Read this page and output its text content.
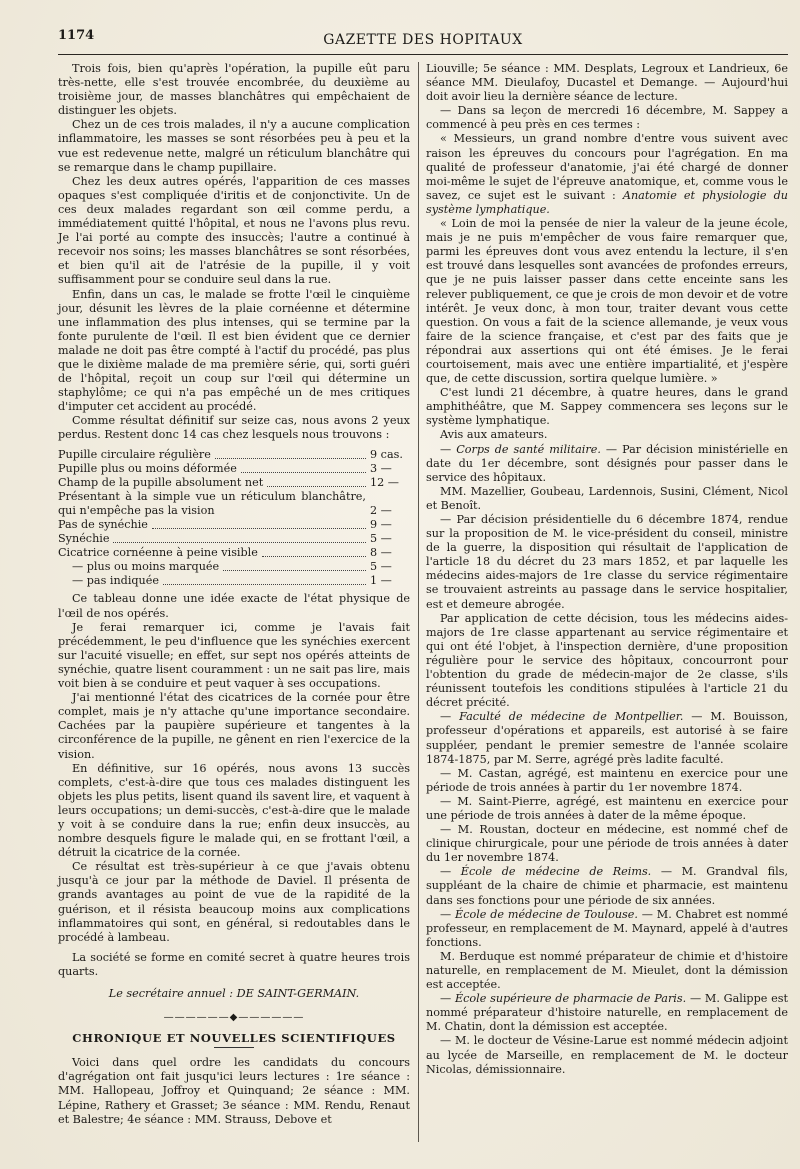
1174	GAZETTE DES HOPITAUX

Trois fois, bien qu'après l'opération, la pupille eût paru très-nette, elle s'est trouvée encombrée, du deuxième au troisième jour, de masses blanchâtres qui empêchaient de distinguer les objets.

Chez un de ces trois malades, il n'y a aucune complication inflammatoire, les masses se sont résorbées peu à peu et la vue est redevenue nette, malgré un réticulum blanchâtre qui se remarque dans le champ pupillaire.

Chez les deux autres opérés, l'apparition de ces masses opaques s'est compliquée d'iritis et de conjonctivite. Un de ces deux malades regardant son œil comme perdu, a immédiatement quitté l'hôpital, et nous ne l'avons plus revu. Je l'ai porté au compte des insuccès; l'autre a continué à recevoir nos soins; les masses blanchâtres se sont résorbées, et bien qu'il ait de l'atrésie de la pupille, il y voit suffisamment pour se conduire seul dans la rue.

Enfin, dans un cas, le malade se frotte l'œil le cinquième jour, désunit les lèvres de la plaie cornéenne et détermine une inflammation des plus intenses, qui se termine par la fonte purulente de l'œil. Il est bien évident que ce dernier malade ne doit pas être compté à l'actif du procédé, pas plus que le dixième malade de ma première série, qui, sorti guéri de l'hôpital, reçoit un coup sur l'œil qui détermine un staphylôme; ce qui n'a pas empêché un de mes critiques d'imputer cet accident au procédé.

Comme résultat définitif sur seize cas, nous avons 2 yeux perdus. Restent donc 14 cas chez lesquels nous trouvons :

Pupille circulaire régulière	9 cas.
Pupille plus ou moins déformée	3 —
Champ de la pupille absolument net	12 —
Présentant à la simple vue un réticulum blanchâtre, qui n'empêche pas la vision	2 —
Pas de synéchie	9 —
Synéchie	5 —
Cicatrice cornéenne à peine visible	8 —
— plus ou moins marquée	5 —
— pas indiquée	1 —

Ce tableau donne une idée exacte de l'état physique de l'œil de nos opérés.

Je ferai remarquer ici, comme je l'avais fait précédemment, le peu d'influence que les synéchies exercent sur l'acuité visuelle; en effet, sur sept nos opérés atteints de synéchie, quatre lisent couramment : un ne sait pas lire, mais voit bien à se conduire et peut vaquer à ses occupations.

J'ai mentionné l'état des cicatrices de la cornée pour être complet, mais je n'y attache qu'une importance secondaire. Cachées par la paupière supérieure et tangentes à la circonférence de la pupille, ne gênent en rien l'exercice de la vision.

En définitive, sur 16 opérés, nous avons 13 succès complets, c'est-à-dire que tous ces malades distinguent les objets les plus petits, lisent quand ils savent lire, et vaquent à leurs occupations; un demi-succès, c'est-à-dire que le malade y voit à se conduire dans la rue; enfin deux insuccès, au nombre desquels figure le malade qui, en se frottant l'œil, a détruit la cicatrice de la cornée.

Ce résultat est très-supérieur à ce que j'avais obtenu jusqu'à ce jour par la méthode de Daviel. Il présenta de grands avantages au point de vue de la rapidité de la guérison, et il résista beaucoup moins aux complications inflammatoires qui sont, en général, si redoutables dans le procédé à lambeau.

La société se forme en comité secret à quatre heures trois quarts.

Le secrétaire annuel : DE SAINT-GERMAIN.

——————◆——————
CHRONIQUE ET NOUVELLES SCIENTIFIQUES

Voici dans quel ordre les candidats du concours d'agrégation ont fait jusqu'ici leurs lectures : 1re séance : MM. Hallopeau, Joffroy et Quinquand; 2e séance : MM. Lépine, Rathery et Grasset; 3e séance : MM. Rendu, Renaut et Balestre; 4e séance : MM. Strauss, Debove et

Liouville; 5e séance : MM. Desplats, Legroux et Landrieux, 6e séance MM. Dieulafoy, Ducastel et Demange. — Aujourd'hui doit avoir lieu la dernière séance de lecture.

— Dans sa leçon de mercredi 16 décembre, M. Sappey a commencé à peu près en ces termes :

« Messieurs, un grand nombre d'entre vous suivent avec raison les épreuves du concours pour l'agrégation. En ma qualité de professeur d'anatomie, j'ai été chargé de donner moi-même le sujet de l'épreuve anatomique, et, comme vous le savez, ce sujet est le suivant : Anatomie et physiologie du système lymphatique.

« Loin de moi la pensée de nier la valeur de la jeune école, mais je ne puis m'empêcher de vous faire remarquer que, parmi les épreuves dont vous avez entendu la lecture, il s'en est trouvé dans lesquelles sont avancées de profondes erreurs, que je ne puis laisser passer dans cette enceinte sans les relever publiquement, ce que je crois de mon devoir et de votre intérêt. Je veux donc, à mon tour, traiter devant vous cette question. On vous a fait de la science allemande, je veux vous faire de la science française, et c'est par des faits que je répondrai aux assertions qui ont été émises. Je le ferai courtoisement, mais avec une entière impartialité, et j'espère que, de cette discussion, sortira quelque lumière. »

C'est lundi 21 décembre, à quatre heures, dans le grand amphithéâtre, que M. Sappey commencera ses leçons sur le système lymphatique.

Avis aux amateurs.

— Corps de santé militaire. — Par décision ministérielle en date du 1er décembre, sont désignés pour passer dans le service des hôpitaux.

MM. Mazellier, Goubeau, Lardennois, Susini, Clément, Nicol et Benoît.

— Par décision présidentielle du 6 décembre 1874, rendue sur la proposition de M. le vice-président du conseil, ministre de la guerre, la disposition qui résultait de l'application de l'article 18 du décret du 23 mars 1852, et par laquelle les médecins aides-majors de 1re classe du service régimentaire se trouvaient astreints au passage dans le service hospitalier, est et demeure abrogée.

Par application de cette décision, tous les médecins aides-majors de 1re classe appartenant au service régimentaire et qui ont été l'objet, à l'inspection dernière, d'une proposition régulière pour le service des hôpitaux, concourront pour l'obtention du grade de médecin-major de 2e classe, s'ils réunissent toutefois les conditions stipulées à l'article 21 du décret précité.

— Faculté de médecine de Montpellier. — M. Bouisson, professeur d'opérations et appareils, est autorisé à se faire suppléer, pendant le premier semestre de l'année scolaire 1874-1875, par M. Serre, agrégé près ladite faculté.

— M. Castan, agrégé, est maintenu en exercice pour une période de trois années à partir du 1er novembre 1874.

— M. Saint-Pierre, agrégé, est maintenu en exercice pour une période de trois années à dater de la même époque.

— M. Roustan, docteur en médecine, est nommé chef de clinique chirurgicale, pour une période de trois années à dater du 1er novembre 1874.

— École de médecine de Reims. — M. Grandval fils, suppléant de la chaire de chimie et pharmacie, est maintenu dans ses fonctions pour une période de six années.

— École de médecine de Toulouse. — M. Chabret est nommé professeur, en remplacement de M. Maynard, appelé à d'autres fonctions.

M. Berduque est nommé préparateur de chimie et d'histoire naturelle, en remplacement de M. Mieulet, dont la démission est acceptée.

— École supérieure de pharmacie de Paris. — M. Galippe est nommé préparateur d'histoire naturelle, en remplacement de M. Chatin, dont la démission est acceptée.

— M. le docteur de Vésine-Larue est nommé médecin adjoint au lycée de Marseille, en remplacement de M. le docteur Nicolas, démissionnaire.
